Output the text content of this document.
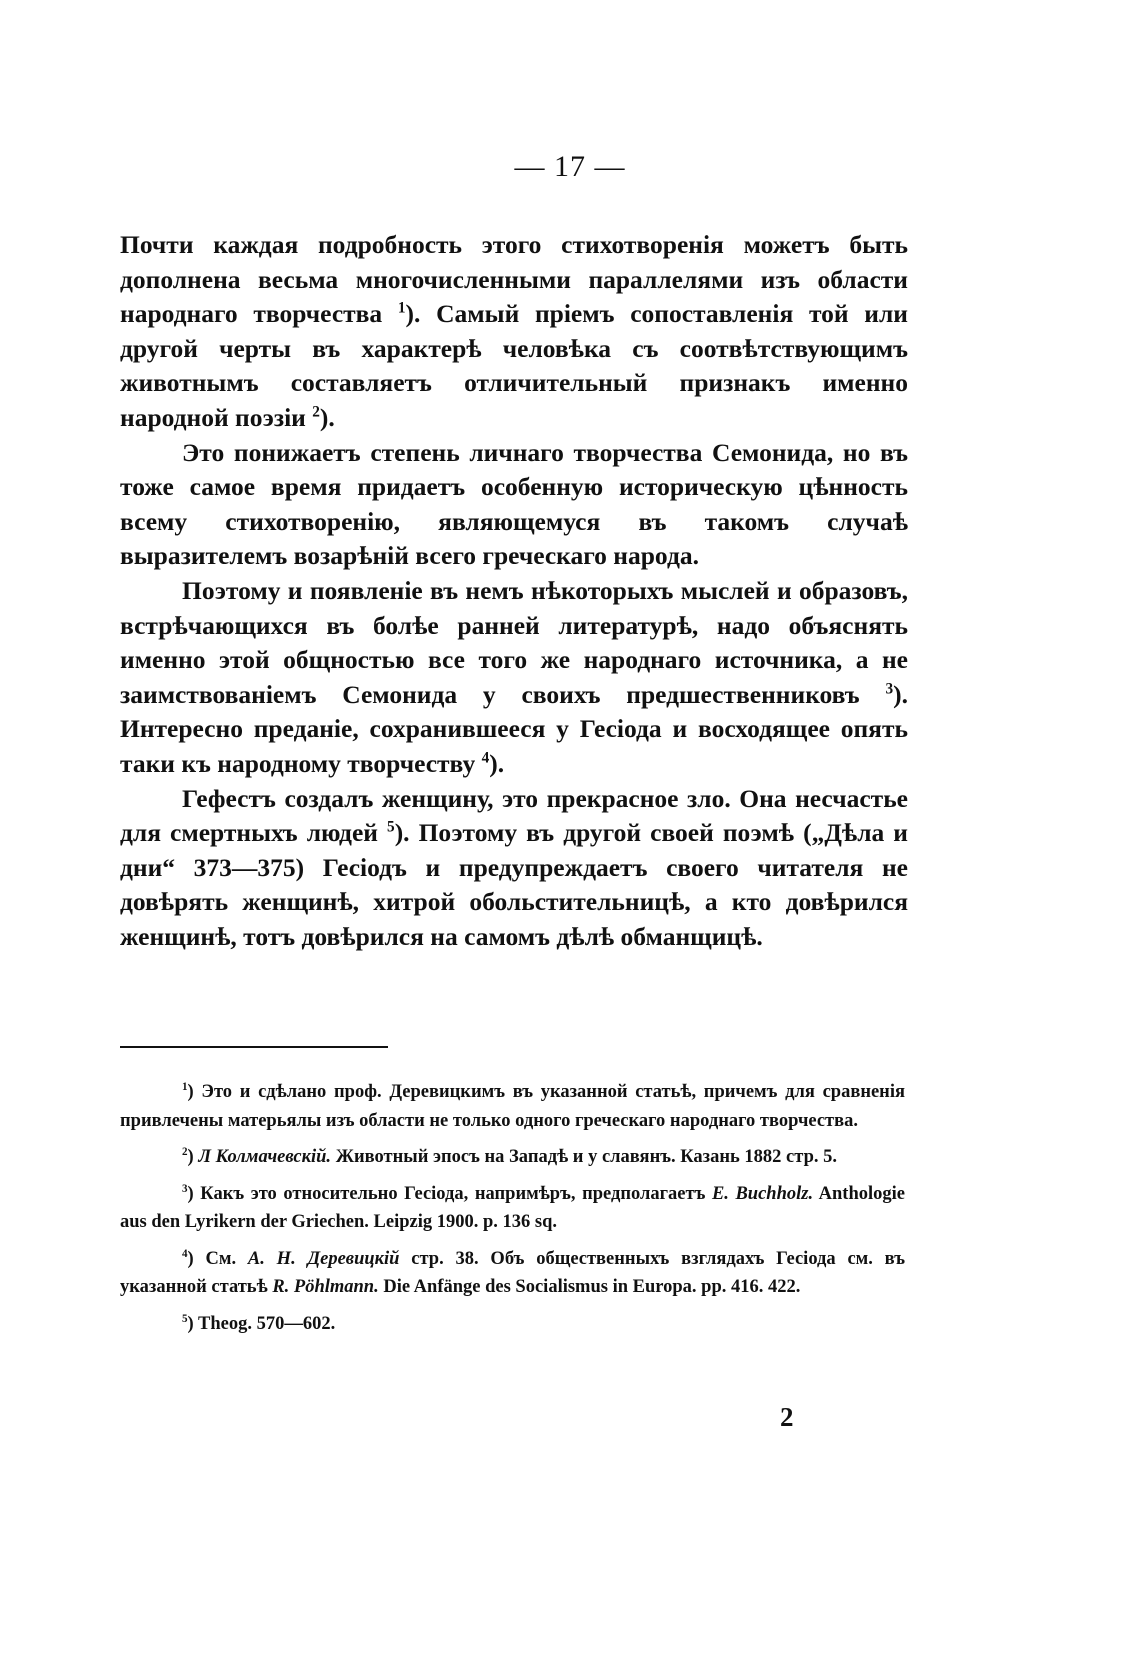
— 17 —

Почти каждая подробность этого стихотворенія можетъ быть дополнена весьма многочисленными параллелями изъ области народнаго творчества $^1$). Самый пріемъ сопоставленія той или другой черты въ характерѣ человѣка съ соотвѣтствующимъ животнымъ составляетъ отличительный признакъ именно народной поэзіи $^2$).

Это понижаетъ степень личнаго творчества Семонида, но въ тоже самое время придаетъ особенную историческую цѣнность всему стихотворенію, являющемуся въ такомъ случаѣ выразителемъ возарѣній всего греческаго народа.

Поэтому и появленіе въ немъ нѣкоторыхъ мыслей и образовъ, встрѣчающихся въ болѣе ранней литературѣ, надо объяснять именно этой общностью все того же народнаго источника, а не заимствованіемъ Семонида у своихъ предшественниковъ $^3$). Интересно преданіе, сохранившееся у Гесіода и восходящее опять таки къ народному творчеству $^4$).

Гефестъ создалъ женщину, это прекрасное зло. Она несчастье для смертныхъ людей $^5$). Поэтому въ другой своей поэмѣ („Дѣла и дни“ 373—375) Гесіодъ и предупреждаетъ своего читателя не довѣрять женщинѣ, хитрой обольстительницѣ, а кто довѣрился женщинѣ, тотъ довѣрился на самомъ дѣлѣ обманщицѣ.

$^1$) Это и сдѣлано проф. Деревицкимъ въ указанной статьѣ, причемъ для сравненія привлечены матерьялы изъ области не только одного греческаго народнаго творчества.

$^2$) Л Колмачевскій. Животный эпосъ на Западѣ и у славянъ. Казань 1882 стр. 5.

$^3$) Какъ это относительно Гесіода, напримѣръ, предполагаетъ E. Buchholz. Anthologie aus den Lyrikern der Griechen. Leipzig 1900. p. 136 sq.

$^4$) См. А. Н. Деревицкій стр. 38. Объ общественныхъ взглядахъ Гесіода см. въ указанной статьѣ R. Pöhlmann. Die Anfänge des Socialismus in Europa. pp. 416. 422.

$^5$) Theog. 570—602.

2
